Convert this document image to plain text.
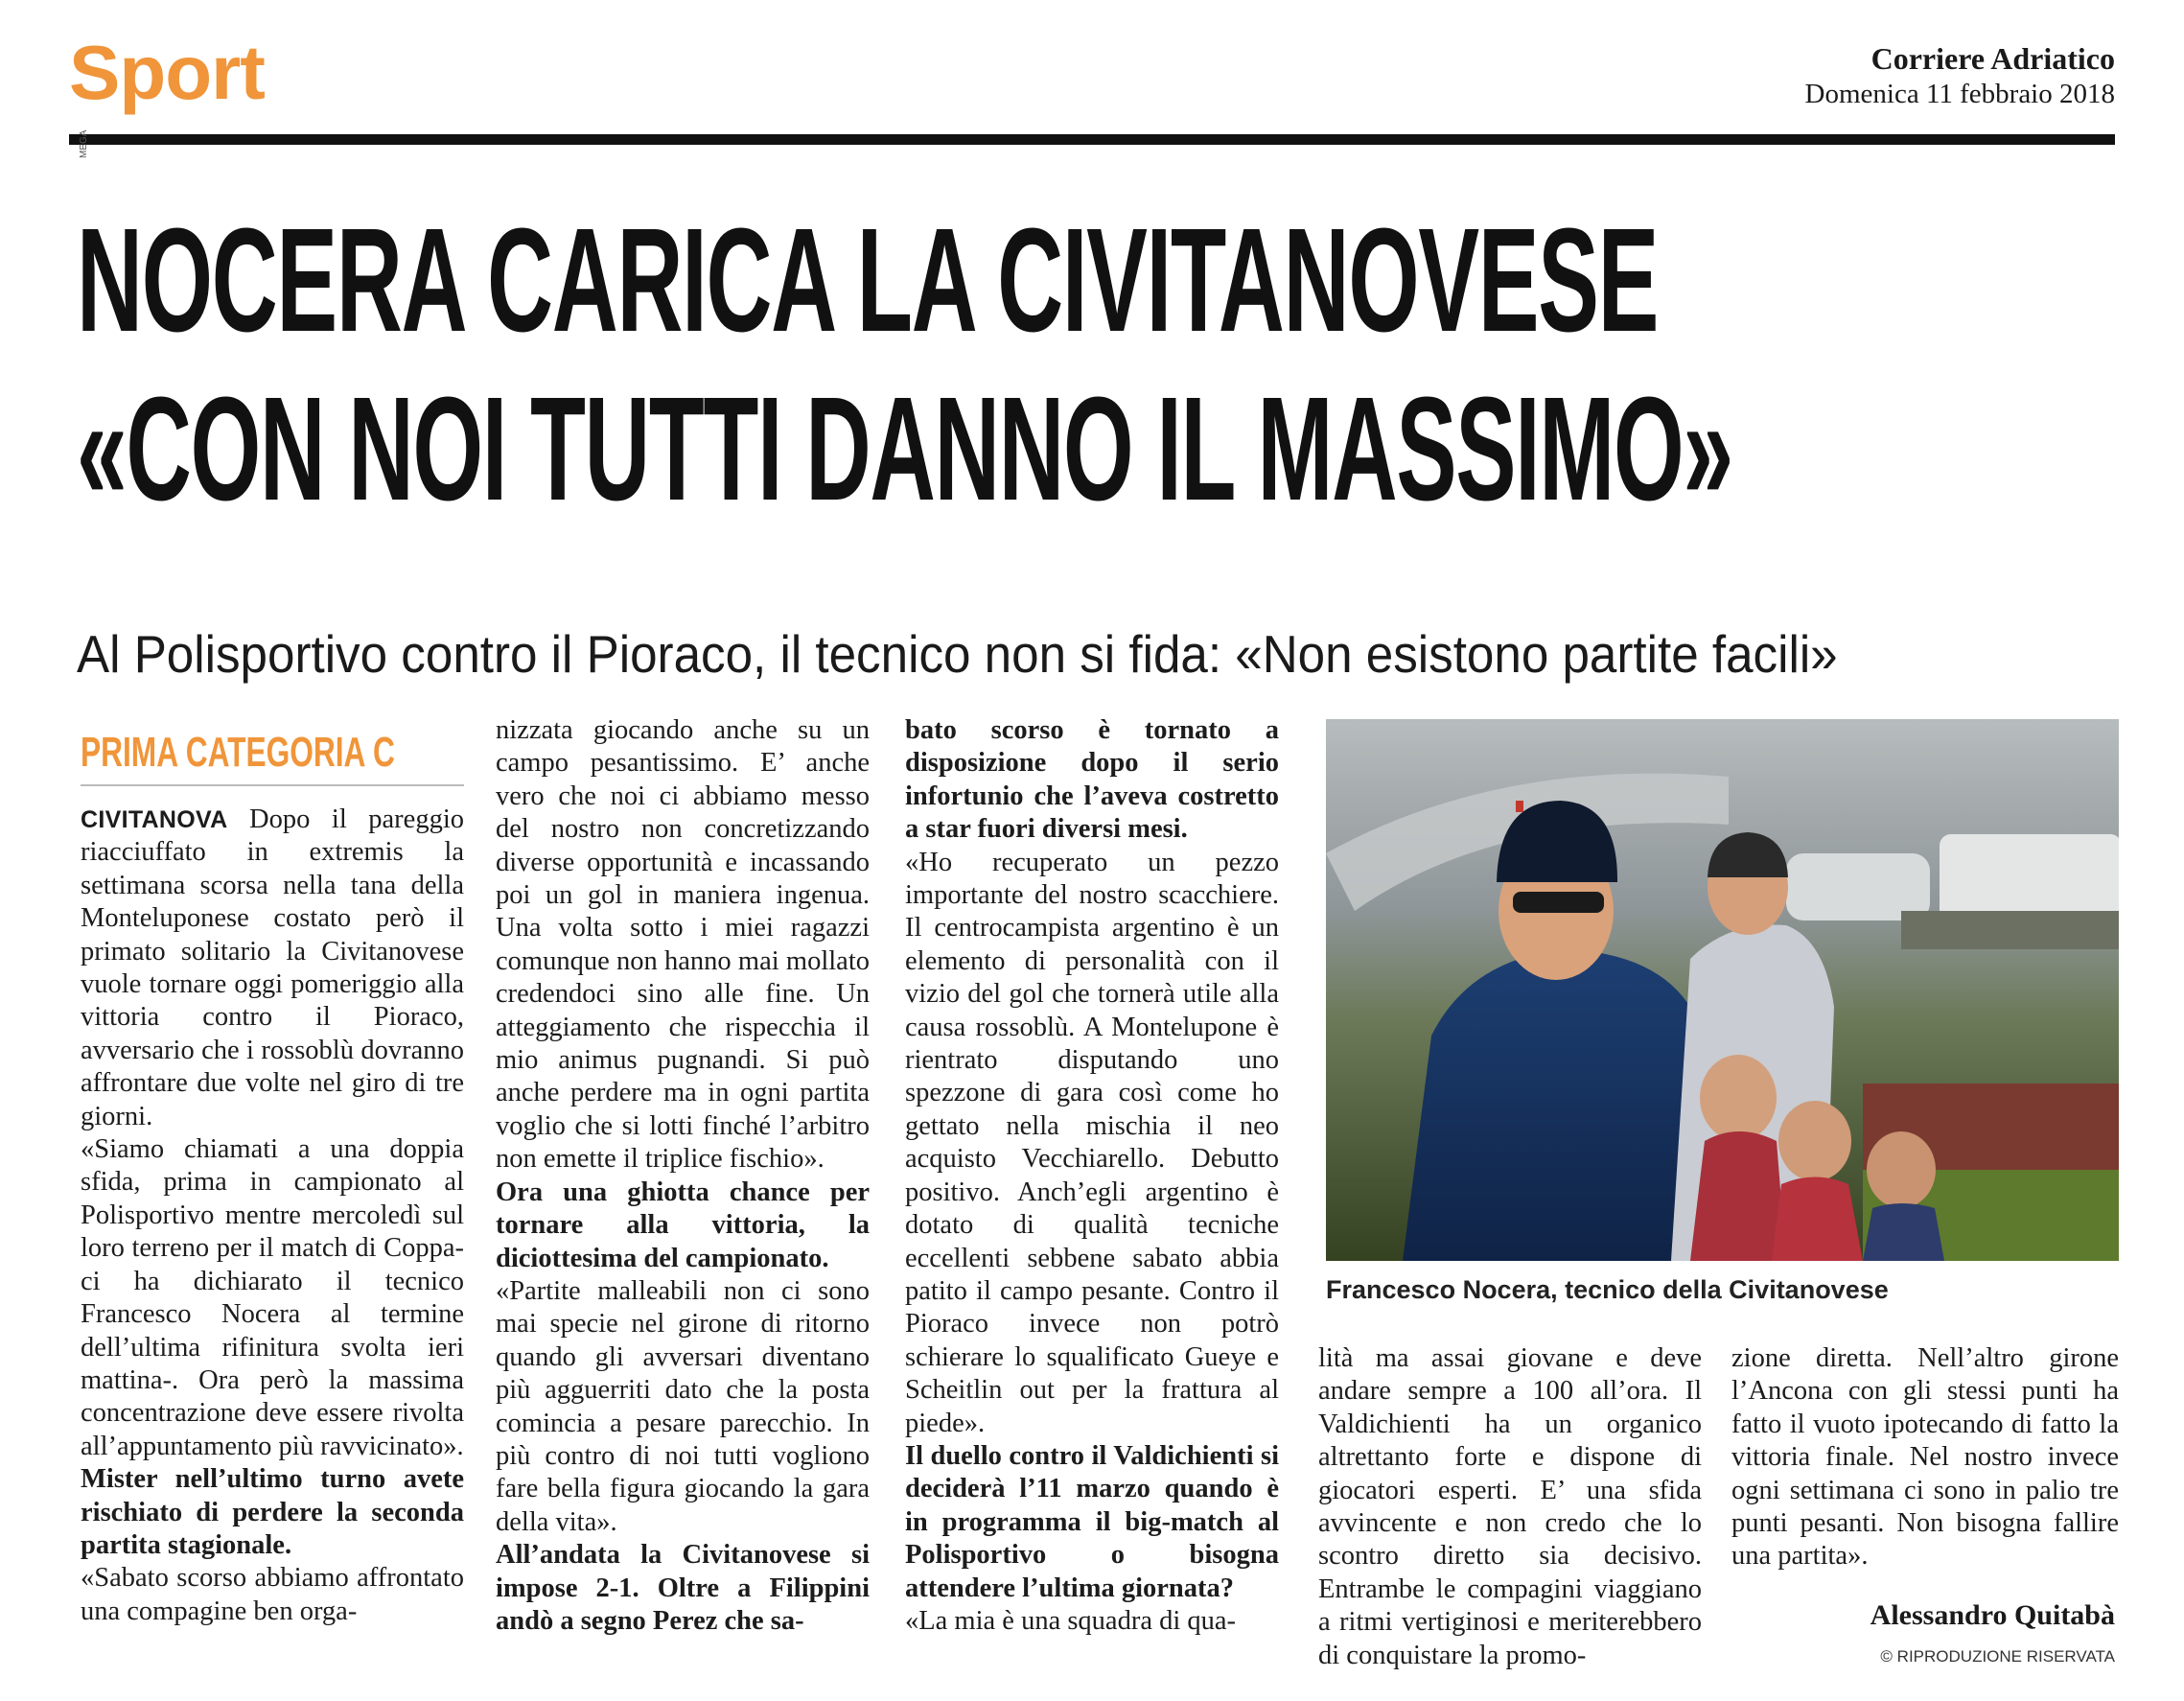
Sport	Corriere Adriatico
Domenica 11 febbraio 2018
MEGA
NOCERA CARICA LA CIVITANOVESE
«CON NOI TUTTI DANNO IL MASSIMO»
Al Polisportivo contro il Pioraco, il tecnico non si fida: «Non esistono partite facili»
PRIMA CATEGORIA C

CIVITANOVA Dopo il pareggio riacciuffato in extremis la settimana scorsa nella tana della Monteluponese costato però il primato solitario la Civitanovese vuole tornare oggi pomeriggio alla vittoria contro il Pioraco, avversario che i rossoblù dovranno affrontare due volte nel giro di tre giorni.

«Siamo chiamati a una doppia sfida, prima in campionato al Polisportivo mentre mercoledì sul loro terreno per il match di Coppa- ci ha dichiarato il tecnico Francesco Nocera al termine dell’ultima rifinitura svolta ieri mattina-. Ora però la massima concentrazione deve essere rivolta all’appuntamento più ravvicinato».

Mister nell’ultimo turno avete rischiato di perdere la seconda partita stagionale.

«Sabato scorso abbiamo affrontato una compagine ben orga-

nizzata giocando anche su un campo pesantissimo. E’ anche vero che noi ci abbiamo messo del nostro non concretizzando diverse opportunità e incassando poi un gol in maniera ingenua. Una volta sotto i miei ragazzi comunque non hanno mai mollato credendoci sino alle fine. Un atteggiamento che rispecchia il mio animus pugnandi. Si può anche perdere ma in ogni partita voglio che si lotti finché l’arbitro non emette il triplice fischio».

Ora una ghiotta chance per tornare alla vittoria, la diciottesima del campionato.

«Partite malleabili non ci sono mai specie nel girone di ritorno quando gli avversari diventano più agguerriti dato che la posta comincia a pesare parecchio. In più contro di noi tutti vogliono fare bella figura giocando la gara della vita».

All’andata la Civitanovese si impose 2-1. Oltre a Filippini andò a segno Perez che sa-

bato scorso è tornato a disposizione dopo il serio infortunio che l’aveva costretto a star fuori diversi mesi.

«Ho recuperato un pezzo importante del nostro scacchiere. Il centrocampista argentino è un elemento di personalità con il vizio del gol che tornerà utile alla causa rossoblù. A Montelupone è rientrato disputando uno spezzone di gara così come ho gettato nella mischia il neo acquisto Vecchiarello. Debutto positivo. Anch’egli argentino è dotato di qualità tecniche eccellenti sebbene sabato abbia patito il campo pesante. Contro il Pioraco invece non potrò schierare lo squalificato Gueye e Scheitlin out per la frattura al piede».

Il duello contro il Valdichienti si deciderà l’11 marzo quando è in programma il big-match al Polisportivo o bisogna attendere l’ultima giornata?

«La mia è una squadra di qua-

Francesco Nocera, tecnico della Civitanovese

lità ma assai giovane e deve andare sempre a 100 all’ora. Il Valdichienti ha un organico altrettanto forte e dispone di giocatori esperti. E’ una sfida avvincente e non credo che lo scontro diretto sia decisivo. Entrambe le compagini viaggiano a ritmi vertiginosi e meriterebbero di conquistare la promo-

zione diretta. Nell’altro girone l’Ancona con gli stessi punti ha fatto il vuoto ipotecando di fatto la vittoria finale. Nel nostro invece ogni settimana ci sono in palio tre punti pesanti. Non bisogna fallire una partita».

Alessandro Quitabà
© RIPRODUZIONE RISERVATA
